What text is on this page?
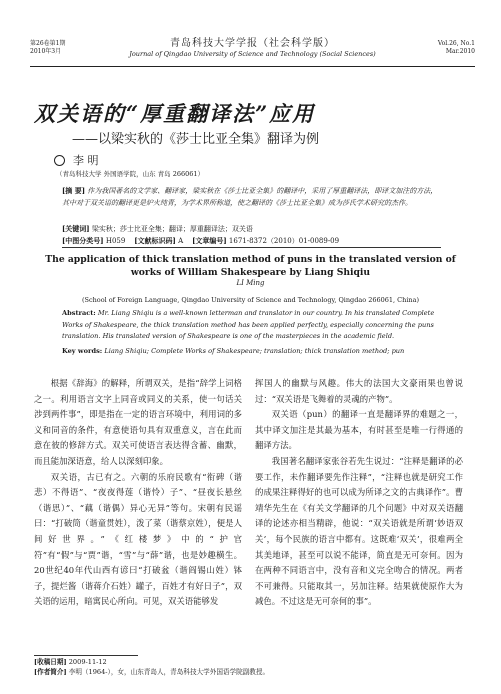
第26卷第1期
2010年3月
青岛科技大学学报（社会科学版）
Journal of Qingdao University of Science and Technology (Social Sciences)
Vol.26, No.1
Mar.2010
双关语的“厚重翻译法”应用
——以梁实秋的《莎士比亚全集》翻译为例
李 明
（青岛科技大学 外国语学院，山东 青岛 266061）
[摘 要] 作为我国著名的文学家、翻译家，梁实秋在《莎士比亚全集》的翻译中，采用了厚重翻译法，即译文加注的方法，其中对于双关语的翻译更是炉火纯青，为学术界所称道，使之翻译的《莎士比亚全集》成为莎氏学术研究的杰作。
[关键词] 梁实秋；莎士比亚全集；翻译；厚重翻译法；双关语
[中图分类号] H059 [文献标识码] A [文章编号] 1671-8372（2010）01-0089-09
The application of thick translation method of puns in the translated version of works of William Shakespeare by Liang Shiqiu
LI Ming
(School of Foreign Language, Qingdao University of Science and Technology, Qingdao 266061, China)
Abstract: Mr. Liang Shiqiu is a well-known letterman and translator in our country. In his translated Complete Works of Shakespeare, the thick translation method has been applied perfectly, especially concerning the puns translation. His translated version of Shakespeare is one of the masterpieces in the academic field.
Key words: Liang Shiqiu; Complete Works of Shakespeare; translation; thick translation method; pun

根据《辞海》的解释，所谓双关，是指“辞学上词格之一。利用语言文字上同音或同义的关系，使一句话关涉到两件事”，即是指在一定的语言环境中，利用词的多义和同音的条件，有意使语句具有双重意义，言在此而意在彼的修辞方式。双关可使语言表达得含蓄、幽默，而且能加深语意，给人以深刻印象。

双关语，古已有之。六朝的乐府民歌有“衔碑（谐悲）不得语”、“夜夜得莲（谐怜）子”、“昼夜长悬丝（谐思）”、“藕（谐偶）异心无异”等句。宋朝有民谣曰：“打破筒（谐童贯姓），泼了菜（谐蔡京姓），便是人间好世界。”《红楼梦》中的“护官符”有“假”与“贾”谐，“雪”与“薛”谐，也是妙趣横生。20世纪40年代山西有谚曰“打破盆（谐阎锡山姓）钵子，提烂酱（谐蒋介石姓）罐子，百姓才有好日子”，双关语的运用，暗寓民心所向。可见，双关语能够发

挥国人的幽默与风趣。伟大的法国大文豪雨果也曾说过：“双关语是飞舞着的灵魂的产物”。

双关语（pun）的翻译一直是翻译界的难题之一，其中译文加注是其最为基本，有时甚至是唯一行得通的翻译方法。

我国著名翻译家张谷若先生说过：“注释是翻译的必要工作，未作翻译要先作注释”，“注释也就是研究工作的成果注释得好的也可以成为所译之文的古典译作”。曹靖华先生在《有关文学翻译的几个问题》中对双关语翻译的论述亦相当精辟，他说：“双关语就是所谓‘妙语双关’，每个民族的语言中都有。这既难‘双关’，很难两全其美地译，甚至可以说不能译，简直是无可奈何。因为在两种不同语言中，没有音和义完全吻合的情况。两者不可兼得。只能取其一，另加注释。结果就使原作大为减色。不过这是无可奈何的事”。

[收稿日期] 2009-11-12
[作者简介] 李明（1964-），女，山东青岛人，青岛科技大学外国语学院副教授。
